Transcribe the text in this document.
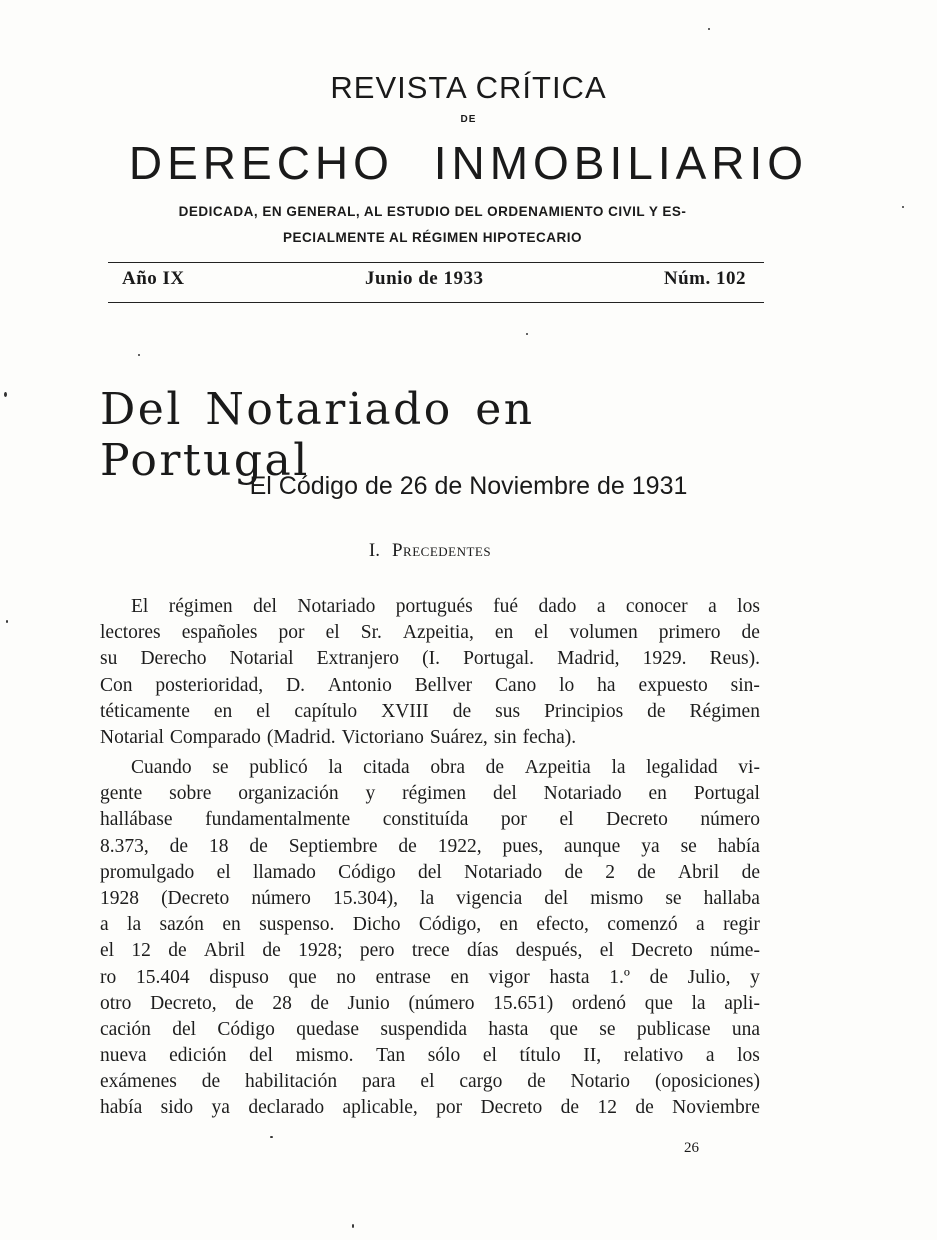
REVISTA CRÍTICA
DE
DERECHO INMOBILIARIO
DEDICADA, EN GENERAL, AL ESTUDIO DEL ORDENAMIENTO CIVIL Y ES-
PECIALMENTE AL RÉGIMEN HIPOTECARIO
Año IX	Junio de 1933	Núm. 102
Del Notariado en Portugal
El Código de 26 de Noviembre de 1931
I. Precedentes
El régimen del Notariado portugués fué dado a conocer a los
lectores españoles por el Sr. Azpeitia, en el volumen primero de
su Derecho Notarial Extranjero (I. Portugal. Madrid, 1929. Reus).
Con posterioridad, D. Antonio Bellver Cano lo ha expuesto sin-
téticamente en el capítulo XVIII de sus Principios de Régimen
Notarial Comparado (Madrid. Victoriano Suárez, sin fecha).
Cuando se publicó la citada obra de Azpeitia la legalidad vi-
gente sobre organización y régimen del Notariado en Portugal
hallábase fundamentalmente constituída por el Decreto número
8.373, de 18 de Septiembre de 1922, pues, aunque ya se había
promulgado el llamado Código del Notariado de 2 de Abril de
1928 (Decreto número 15.304), la vigencia del mismo se hallaba
a la sazón en suspenso. Dicho Código, en efecto, comenzó a regir
el 12 de Abril de 1928; pero trece días después, el Decreto núme-
ro 15.404 dispuso que no entrase en vigor hasta 1.º de Julio, y
otro Decreto, de 28 de Junio (número 15.651) ordenó que la apli-
cación del Código quedase suspendida hasta que se publicase una
nueva edición del mismo. Tan sólo el título II, relativo a los
exámenes de habilitación para el cargo de Notario (oposiciones)
había sido ya declarado aplicable, por Decreto de 12 de Noviembre
26
